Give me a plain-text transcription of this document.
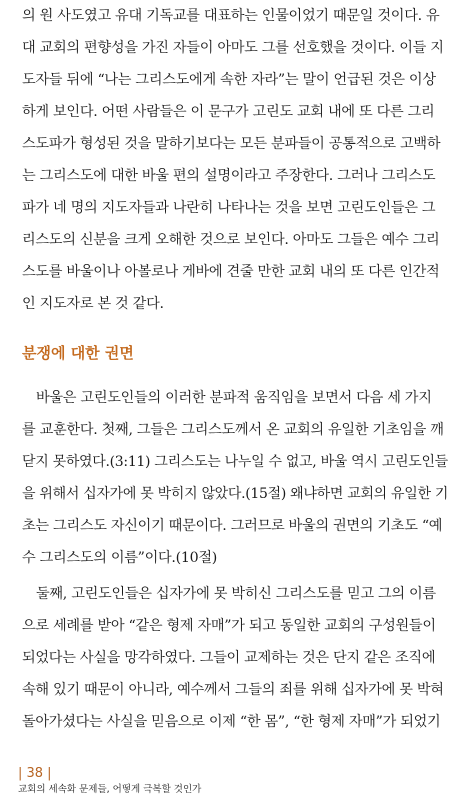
의 원 사도였고 유대 기독교를 대표하는 인물이었기 때문일 것이다. 유
대 교회의 편향성을 가진 자들이 아마도 그를 선호했을 것이다. 이들 지
도자들 뒤에 “나는 그리스도에게 속한 자라”는 말이 언급된 것은 이상
하게 보인다. 어떤 사람들은 이 문구가 고린도 교회 내에 또 다른 그리
스도파가 형성된 것을 말하기보다는 모든 분파들이 공통적으로 고백하
는 그리스도에 대한 바울 편의 설명이라고 주장한다. 그러나 그리스도
파가 네 명의 지도자들과 나란히 나타나는 것을 보면 고린도인들은 그
리스도의 신분을 크게 오해한 것으로 보인다. 아마도 그들은 예수 그리
스도를 바울이나 아볼로나 게바에 견줄 만한 교회 내의 또 다른 인간적
인 지도자로 본 것 같다.
분쟁에 대한 권면
바울은 고린도인들의 이러한 분파적 움직임을 보면서 다음 세 가지
를 교훈한다. 첫째, 그들은 그리스도께서 온 교회의 유일한 기초임을 깨
닫지 못하였다.(3:11) 그리스도는 나누일 수 없고, 바울 역시 고린도인들
을 위해서 십자가에 못 박히지 않았다.(15절) 왜냐하면 교회의 유일한 기
초는 그리스도 자신이기 때문이다. 그러므로 바울의 권면의 기초도 “예
수 그리스도의 이름”이다.(10절)
둘째, 고린도인들은 십자가에 못 박히신 그리스도를 믿고 그의 이름
으로 세례를 받아 “같은 형제 자매”가 되고 동일한 교회의 구성원들이
되었다는 사실을 망각하였다. 그들이 교제하는 것은 단지 같은 조직에
속해 있기 때문이 아니라, 예수께서 그들의 죄를 위해 십자가에 못 박혀
돌아가셨다는 사실을 믿음으로 이제 “한 몸”, “한 형제 자매”가 되었기
| 38 |
교회의 세속화 문제들, 어떻게 극복할 것인가
